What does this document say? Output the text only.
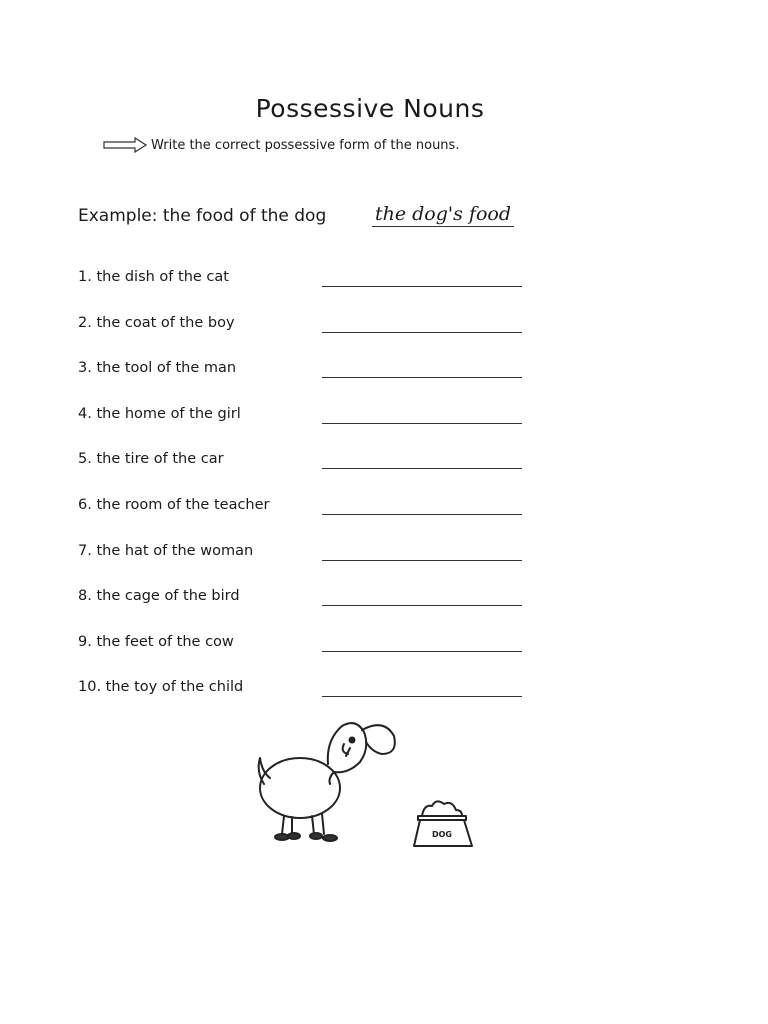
Possessive Nouns
Write the correct possessive form of the nouns.
Example: the food of the dog	the dog's food
1. the dish of the cat
2. the coat of the boy
3. the tool of the man
4. the home of the girl
5. the tire of the car
6. the room of the teacher
7. the hat of the woman
8. the cage of the bird
9. the feet of the cow
10. the toy of the child
DOG
